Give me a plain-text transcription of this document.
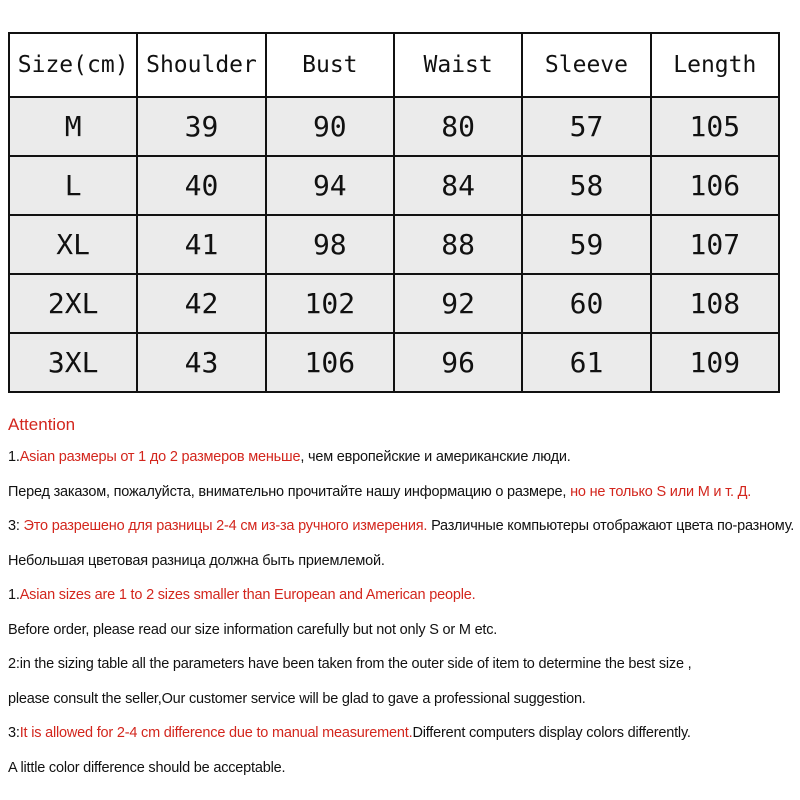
Size(cm)	Shoulder	Bust	Waist	Sleeve	Length
M	39	90	80	57	105
L	40	94	84	58	106
XL	41	98	88	59	107
2XL	42	102	92	60	108
3XL	43	106	96	61	109
Attention
1.Asian размеры от 1 до 2 размеров меньше, чем европейские и американские люди.
Перед заказом, пожалуйста, внимательно прочитайте нашу информацию о размере, но не только S или M и т. Д.
3: Это разрешено для разницы 2-4 см из-за ручного измерения. Различные компьютеры отображают цвета по-разному.
Небольшая цветовая разница должна быть приемлемой.
1.Asian sizes are 1 to 2 sizes smaller than European and American people.
Before order, please read our size information carefully but not only S or M etc.
2:in the sizing table all the parameters have been taken from the outer side of item to determine the best size ,
please consult the seller,Our customer service will be glad to gave a professional suggestion.
3:It is allowed for 2-4 cm difference due to manual measurement.Different computers display colors differently.
A little color difference should be acceptable.
